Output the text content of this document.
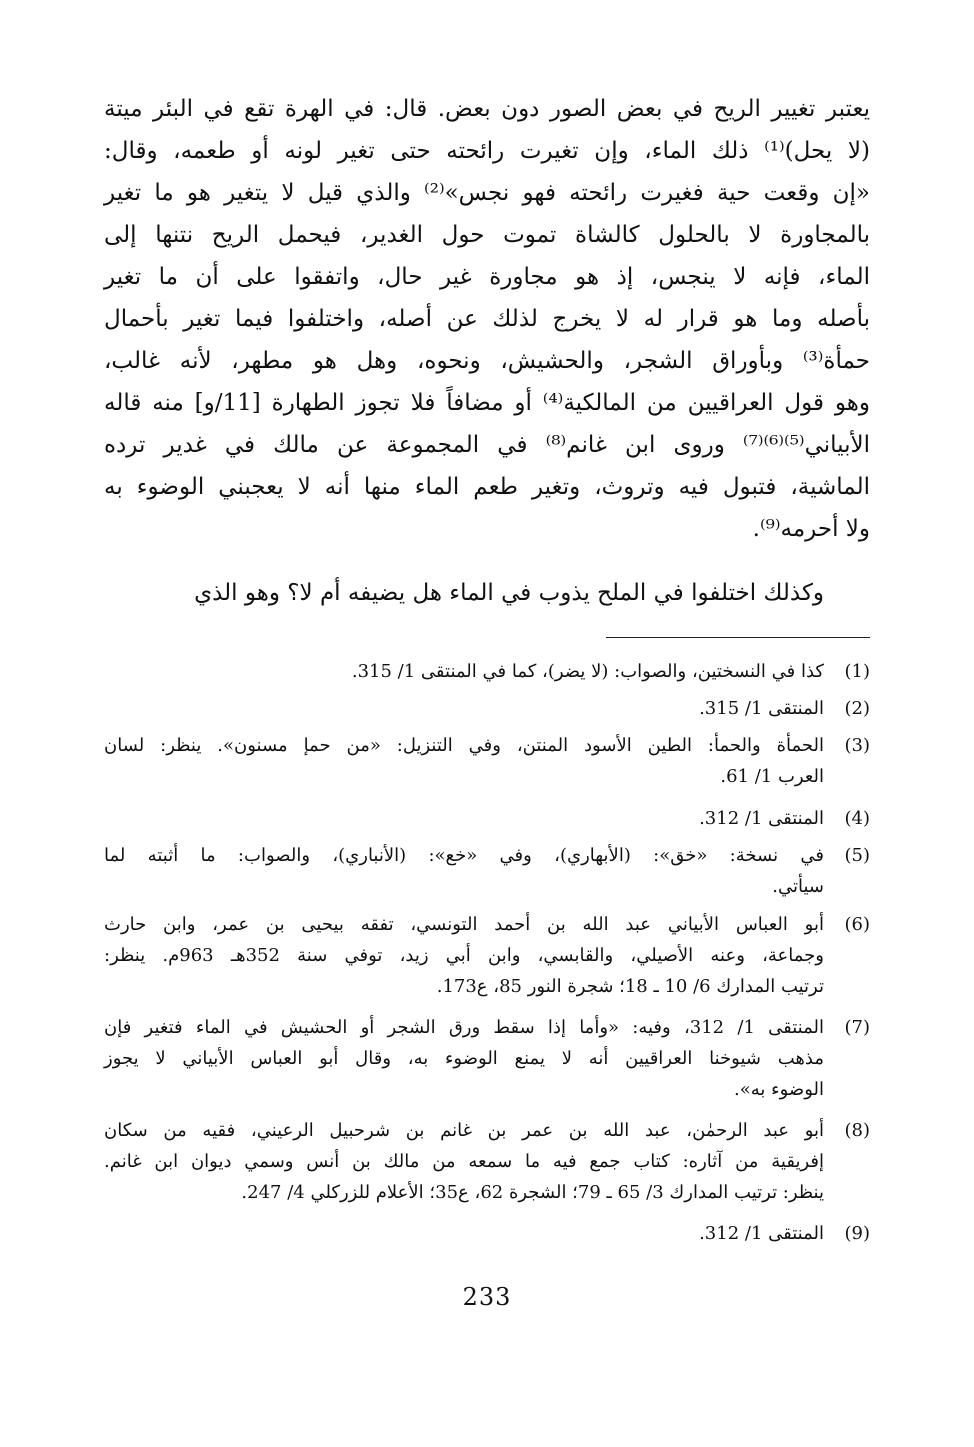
يعتبر تغيير الريح في بعض الصور دون بعض. قال: في الهرة تقع في البئر ميتة
(لا يحل)⁽¹⁾ ذلك الماء، وإن تغيرت رائحته حتى تغير لونه أو طعمه، وقال:
«إن وقعت حية فغيرت رائحته فهو نجس»⁽²⁾ والذي قيل لا يتغير هو ما تغير
بالمجاورة لا بالحلول كالشاة تموت حول الغدير، فيحمل الريح نتنها إلى
الماء، فإنه لا ينجس، إذ هو مجاورة غير حال، واتفقوا على أن ما تغير
بأصله وما هو قرار له لا يخرج لذلك عن أصله، واختلفوا فيما تغير بأحمال
حمأة⁽³⁾ وبأوراق الشجر، والحشيش، ونحوه، وهل هو مطهر، لأنه غالب،
وهو قول العراقيين من المالكية⁽⁴⁾ أو مضافاً فلا تجوز الطهارة [11/و] منه قاله
الأبياني⁽⁵⁾⁽⁶⁾⁽⁷⁾ وروى ابن غانم⁽⁸⁾ في المجموعة عن مالك في غدير ترده
الماشية، فتبول فيه وتروث، وتغير طعم الماء منها أنه لا يعجبني الوضوء به
ولا أحرمه⁽⁹⁾.
وكذلك اختلفوا في الملح يذوب في الماء هل يضيفه أم لا؟ وهو الذي
(1)
كذا في النسختين، والصواب: (لا يضر)، كما في المنتقى 1/ 315.
(2)
المنتقى 1/ 315.
(3)
الحمأة والحمأ: الطين الأسود المنتن، وفي التنزيل: «من حمإ مسنون». ينظر: لسان
العرب 1/ 61.
(4)
المنتقى 1/ 312.
(5)
في نسخة: «خق»: (الأبهاري)، وفي «خع»: (الأنباري)، والصواب: ما أثبته لما
سيأتي.
(6)
أبو العباس الأبياني عبد الله بن أحمد التونسي، تفقه بيحيى بن عمر، وابن حارث
وجماعة، وعنه الأصيلي، والقابسي، وابن أبي زيد، توفي سنة 352هـ 963م. ينظر:
ترتيب المدارك 6/ 10 ـ 18؛ شجرة النور 85، ع173.
(7)
المنتقى 1/ 312، وفيه: «وأما إذا سقط ورق الشجر أو الحشيش في الماء فتغير فإن
مذهب شيوخنا العراقيين أنه لا يمنع الوضوء به، وقال أبو العباس الأبياني لا يجوز
الوضوء به».
(8)
أبو عبد الرحمٰن، عبد الله بن عمر بن غانم بن شرحبيل الرعيني، فقيه من سكان
إفريقية من آثاره: كتاب جمع فيه ما سمعه من مالك بن أنس وسمي ديوان ابن غانم.
ينظر: ترتيب المدارك 3/ 65 ـ 79؛ الشجرة 62، ع35؛ الأعلام للزركلي 4/ 247.
(9)
المنتقى 1/ 312.
233
